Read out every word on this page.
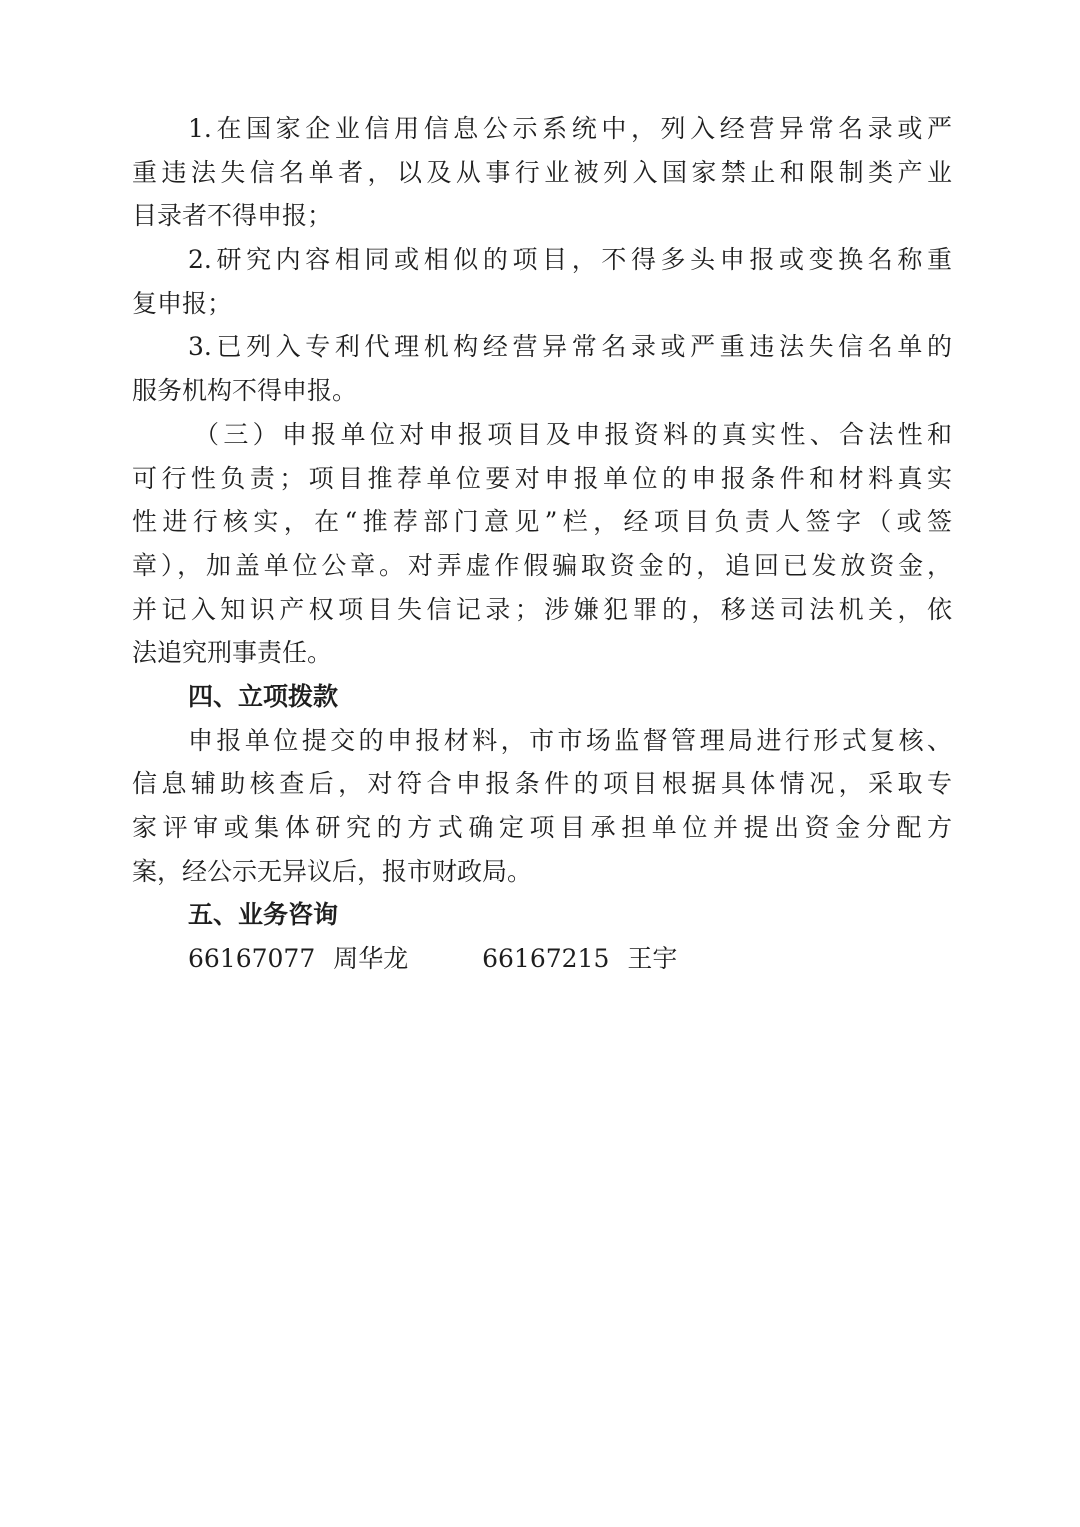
1.在国家企业信用信息公示系统中，列入经营异常名录或严
重违法失信名单者，以及从事行业被列入国家禁止和限制类产业
目录者不得申报；
2.研究内容相同或相似的项目，不得多头申报或变换名称重
复申报；
3.已列入专利代理机构经营异常名录或严重违法失信名单的
服务机构不得申报。
（三）申报单位对申报项目及申报资料的真实性、合法性和
可行性负责；项目推荐单位要对申报单位的申报条件和材料真实
性进行核实，在“推荐部门意见”栏，经项目负责人签字（或签
章），加盖单位公章。对弄虚作假骗取资金的，追回已发放资金，
并记入知识产权项目失信记录；涉嫌犯罪的，移送司法机关，依
法追究刑事责任。
四、立项拨款
申报单位提交的申报材料，市市场监督管理局进行形式复核、
信息辅助核查后，对符合申报条件的项目根据具体情况，采取专
家评审或集体研究的方式确定项目承担单位并提出资金分配方
案，经公示无异议后，报市财政局。
五、业务咨询
66167077 周华龙	66167215 王宇
